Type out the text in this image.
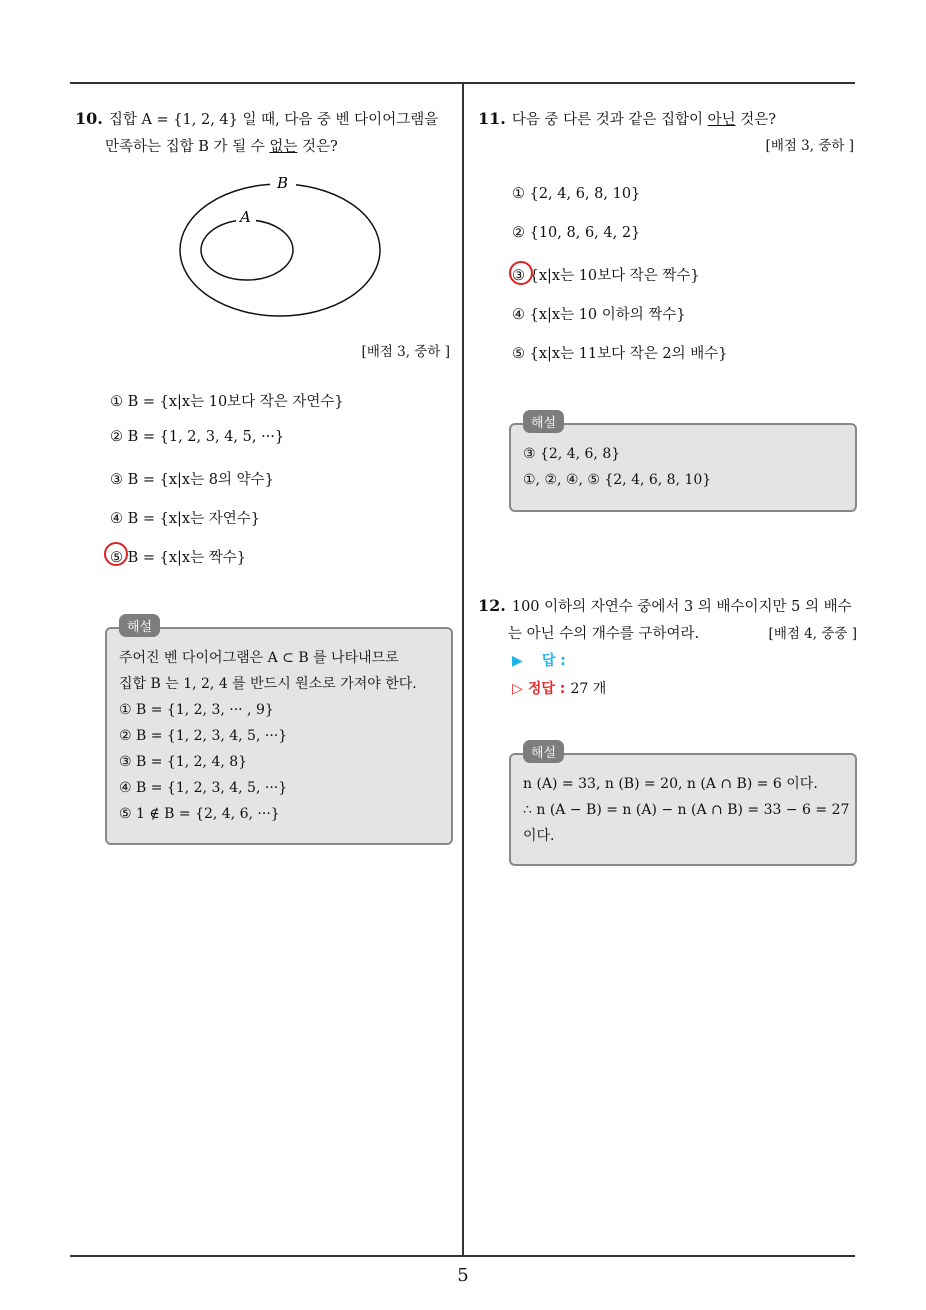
10. 집합 A = {1, 2, 4} 일 때, 다음 중 벤 다이어그램을
만족하는 집합 B 가 될 수 없는 것은?
B
A
[배점 3, 중하 ]
① B = {x|x는 10보다 작은 자연수}
② B = {1, 2, 3, 4, 5, ···}
③ B = {x|x는 8의 약수}
④ B = {x|x는 자연수}
⑤ B = {x|x는 짝수}
주어진 벤 다이어그램은 A ⊂ B 를 나타내므로
집합 B 는 1, 2, 4 를 반드시 원소로 가져야 한다.
① B = {1, 2, 3, ··· , 9}
② B = {1, 2, 3, 4, 5, ···}
③ B = {1, 2, 4, 8}
④ B = {1, 2, 3, 4, 5, ···}
⑤ 1 ∉ B = {2, 4, 6, ···}
해설
11. 다음 중 다른 것과 같은 집합이 아닌 것은?
[배점 3, 중하 ]
① {2, 4, 6, 8, 10}
② {10, 8, 6, 4, 2}
③ {x|x는 10보다 작은 짝수}
④ {x|x는 10 이하의 짝수}
⑤ {x|x는 11보다 작은 2의 배수}
③ {2, 4, 6, 8}
①, ②, ④, ⑤ {2, 4, 6, 8, 10}
해설
12. 100 이하의 자연수 중에서 3 의 배수이지만 5 의 배수
는 아닌 수의 개수를 구하여라.	[배점 4, 중중 ]
▶ 답 :
▷ 정답 : 27 개
n (A) = 33, n (B) = 20, n (A ∩ B) = 6 이다.
∴ n (A − B) = n (A) − n (A ∩ B) = 33 − 6 = 27
이다.
해설
5
